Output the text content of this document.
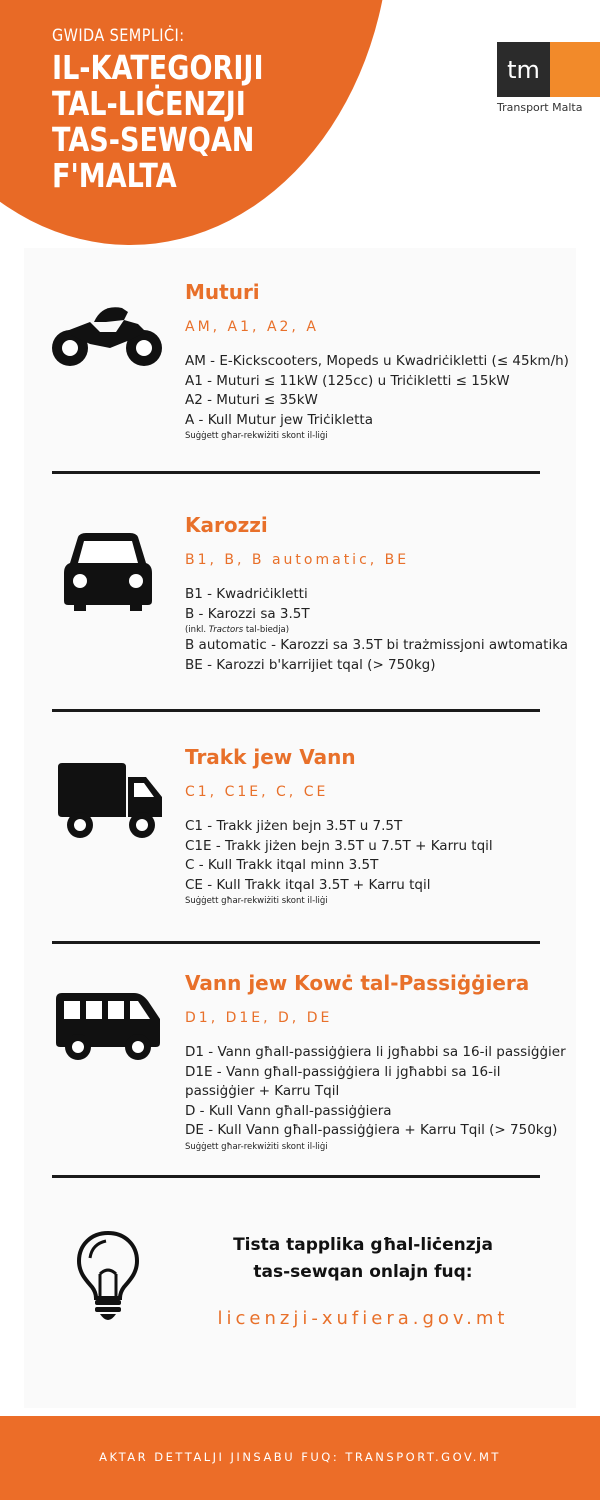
GWIDA SEMPLIĊI:
IL-KATEGORIJI TAL-LIĊENZJI TAS-SEWQAN F'MALTA
tm
Transport Malta
Muturi
AM, A1, A2, A
AM - E-Kickscooters, Mopeds u Kwadriċikletti (≤ 45km/h)
A1 - Muturi ≤ 11kW (125cc) u Triċikletti ≤ 15kW
A2 - Muturi ≤ 35kW
A - Kull Mutur jew Triċikletta
Suġġett għar-rekwiżiti skont il-liġi
Karozzi
B1, B, B automatic, BE
B1 - Kwadriċikletti
B - Karozzi sa 3.5T
(inkl. Tractors tal-biedja)
B automatic - Karozzi sa 3.5T bi trażmissjoni awtomatika
BE - Karozzi b'karrijiet tqal (> 750kg)
Trakk jew Vann
C1, C1E, C, CE
C1 - Trakk jiżen bejn 3.5T u 7.5T
C1E - Trakk jiżen bejn 3.5T u 7.5T + Karru tqil
C - Kull Trakk itqal minn 3.5T
CE - Kull Trakk itqal 3.5T + Karru tqil
Suġġett għar-rekwiżiti skont il-liġi
Vann jew Kowċ tal-Passiġġiera
D1, D1E, D, DE
D1 - Vann għall-passiġġiera li jgħabbi sa 16-il passiġġier
D1E - Vann għall-passiġġiera li jgħabbi sa 16-il passiġġier + Karru Tqil
D - Kull Vann għall-passiġġiera
DE - Kull Vann għall-passiġġiera + Karru Tqil (> 750kg)
Suġġett għar-rekwiżiti skont il-liġi
Tista tapplika għal-liċenzja
tas-sewqan onlajn fuq:
licenzji-xufiera.gov.mt
AKTAR DETTALJI JINSABU FUQ: TRANSPORT.GOV.MT
